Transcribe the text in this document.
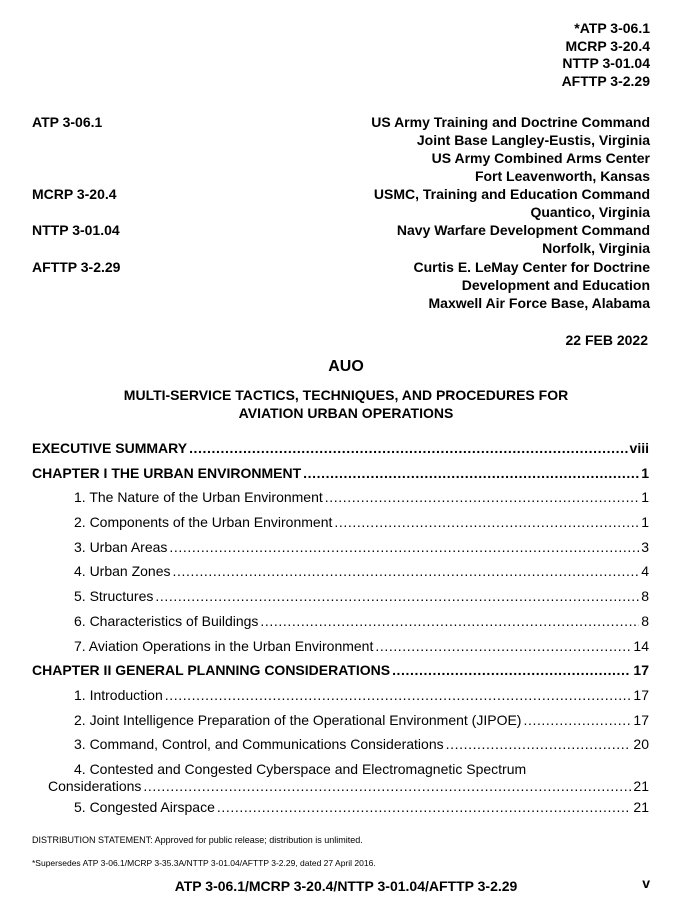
*ATP 3-06.1
MCRP 3-20.4
NTTP 3-01.04
AFTTP 3-2.29
ATP 3-06.1	US Army Training and Doctrine Command
Joint Base Langley-Eustis, Virginia
US Army Combined Arms Center
Fort Leavenworth, Kansas
MCRP 3-20.4	USMC, Training and Education Command
Quantico, Virginia
NTTP 3-01.04	Navy Warfare Development Command
Norfolk, Virginia
AFTTP 3-2.29	Curtis E. LeMay Center for Doctrine
Development and Education
Maxwell Air Force Base, Alabama
22 FEB 2022
AUO
MULTI-SERVICE TACTICS, TECHNIQUES, AND PROCEDURES FOR
AVIATION URBAN OPERATIONS
EXECUTIVE SUMMARY .....	viii
CHAPTER I THE URBAN ENVIRONMENT .....	1
1. The Nature of the Urban Environment .....	1
2. Components of the Urban Environment .....	1
3. Urban Areas .....	3
4. Urban Zones .....	4
5. Structures .....	8
6. Characteristics of Buildings .....	8
7. Aviation Operations in the Urban Environment .....	14
CHAPTER II GENERAL PLANNING CONSIDERATIONS .....	17
1. Introduction .....	17
2. Joint Intelligence Preparation of the Operational Environment (JIPOE) .....	17
3. Command, Control, and Communications Considerations .....	20
4. Contested and Congested Cyberspace and Electromagnetic Spectrum
Considerations .....	21
5. Congested Airspace .....	21
DISTRIBUTION STATEMENT: Approved for public release; distribution is unlimited.
*Supersedes ATP 3-06.1/MCRP 3-35.3A/NTTP 3-01.04/AFTTP 3-2.29, dated 27 April 2016.
ATP 3-06.1/MCRP 3-20.4/NTTP 3-01.04/AFTTP 3-2.29	v
